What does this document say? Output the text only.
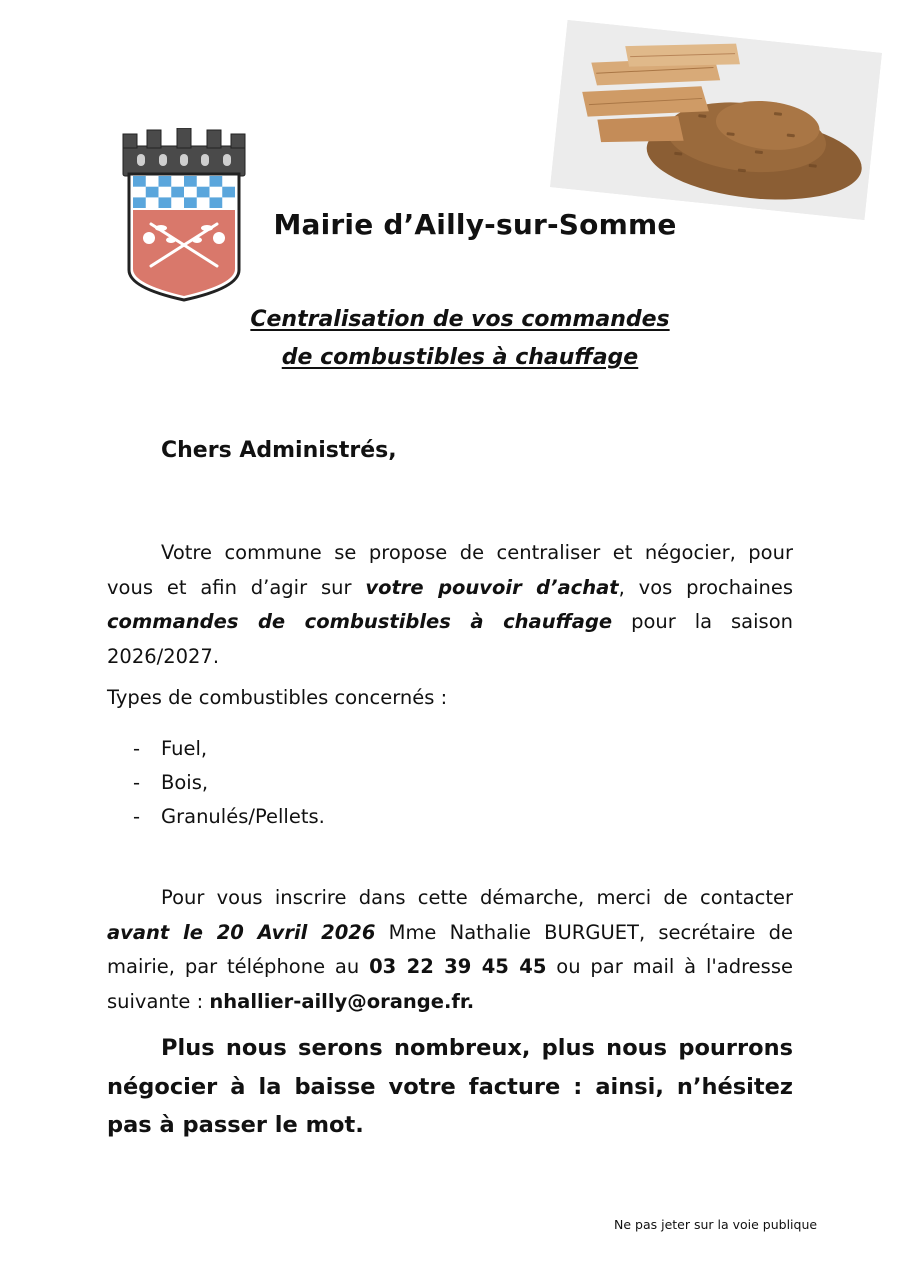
Mairie d’Ailly-sur-Somme
Centralisation de vos commandes
de combustibles à chauffage
Chers Administrés,
Votre commune se propose de centraliser et négocier, pour vous et afin d’agir sur votre pouvoir d’achat, vos prochaines commandes de combustibles à chauffage pour la saison 2026/2027.
Types de combustibles concernés :
-	Fuel,
-	Bois,
-	Granulés/Pellets.
Pour vous inscrire dans cette démarche, merci de contacter avant le 20 Avril 2026 Mme Nathalie BURGUET, secrétaire de mairie, par téléphone au 03 22 39 45 45 ou par mail à l'adresse suivante : nhallier-ailly@orange.fr.
Plus nous serons nombreux, plus nous pourrons négocier à la baisse votre facture : ainsi, n’hésitez pas à passer le mot.
Ne pas jeter sur la voie publique
